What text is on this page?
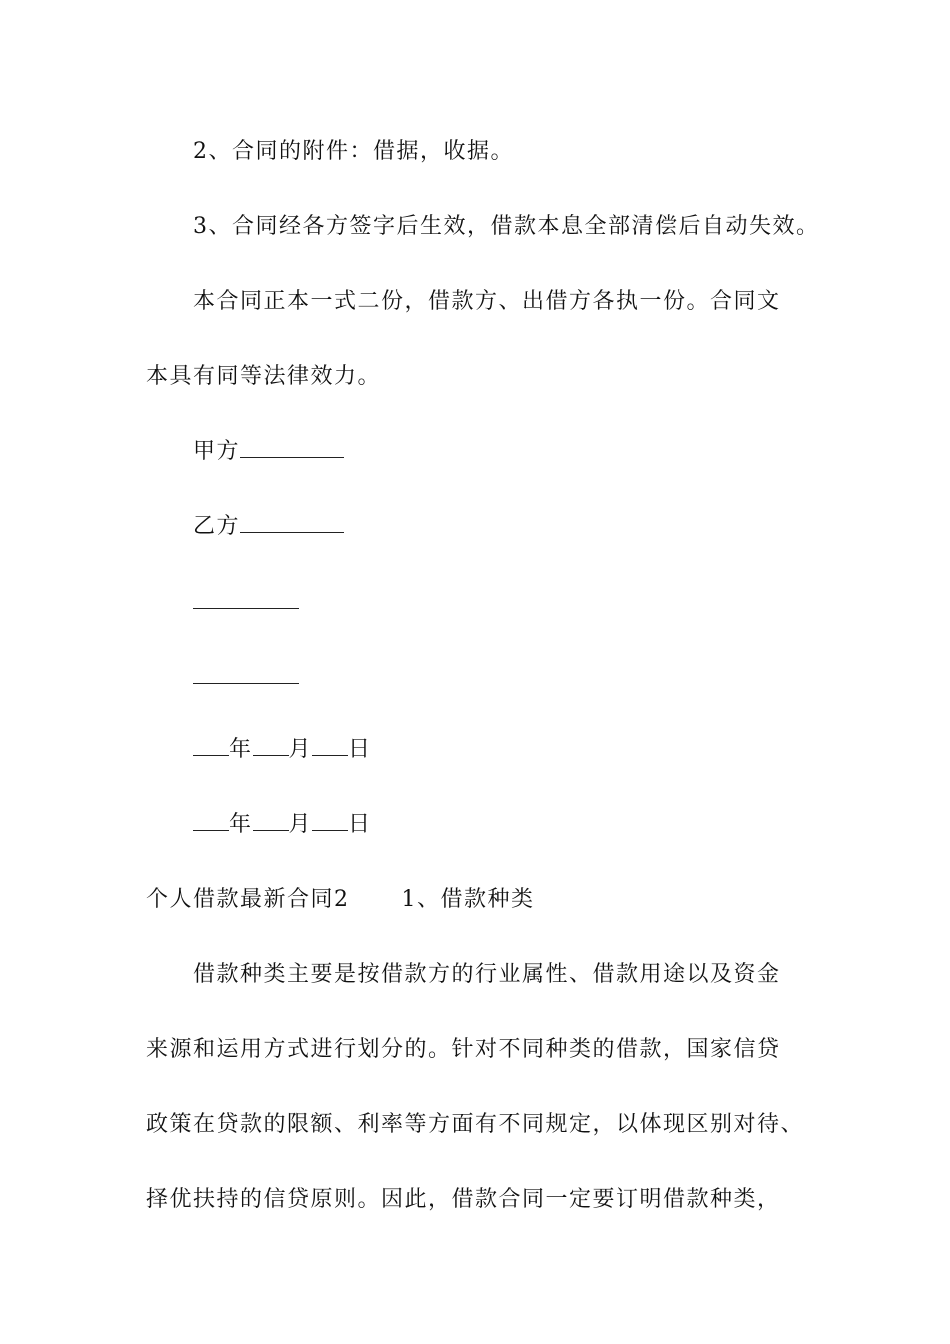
2、合同的附件：借据，收据。
3、合同经各方签字后生效，借款本息全部清偿后自动失效。
本合同正本一式二份，借款方、出借方各执一份。合同文
本具有同等法律效力。
甲方
乙方
年 月 日
年 月 日
个人借款最新合同2 1、借款种类
借款种类主要是按借款方的行业属性、借款用途以及资金
来源和运用方式进行划分的。针对不同种类的借款，国家信贷
政策在贷款的限额、利率等方面有不同规定，以体现区别对待、
择优扶持的信贷原则。因此，借款合同一定要订明借款种类，
